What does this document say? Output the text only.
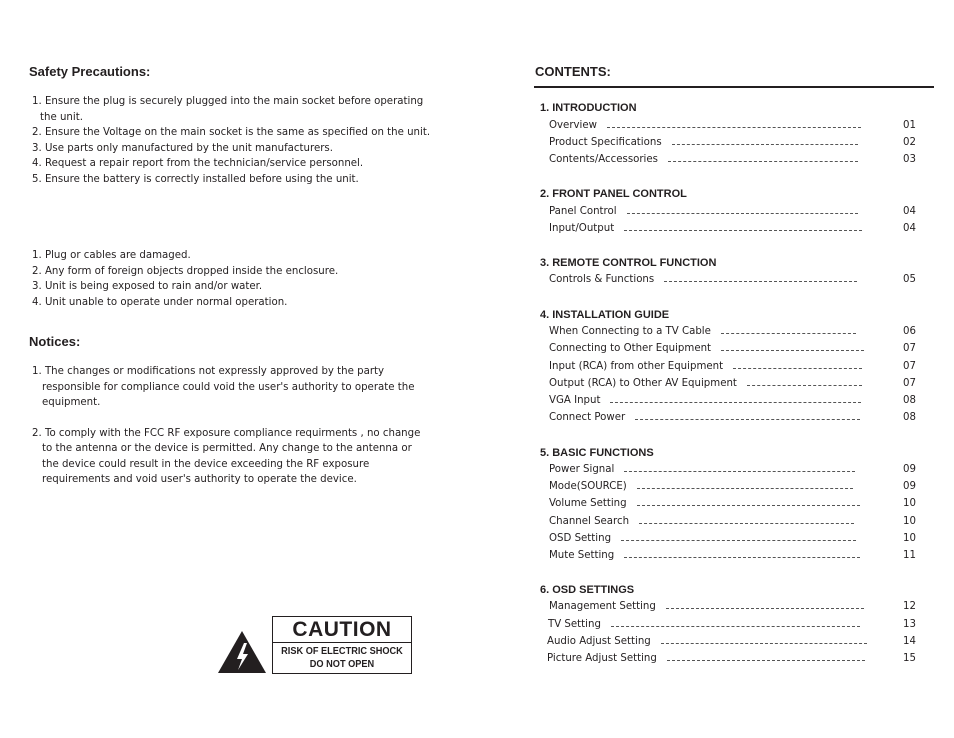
Safety Precautions:
1. Ensure the plug is securely plugged into the main socket before operating
the unit.
2. Ensure the Voltage on the main socket is the same as specified on the unit.
3. Use parts only manufactured by the unit manufacturers.
4. Request a repair report from the technician/service personnel.
5. Ensure the battery is correctly installed before using the unit.
1. Plug or cables are damaged.
2. Any form of foreign objects dropped inside the enclosure.
3. Unit is being exposed to rain and/or water.
4. Unit unable to operate under normal operation.
Notices:
1. The changes or modifications not expressly approved by the party
responsible for compliance could void the user's authority to operate the
equipment.
2. To comply with the FCC RF exposure compliance requirments , no change
to the antenna or the device is permitted. Any change to the antenna or
the device could result in the device exceeding the RF exposure
requirements and void user's authority to operate the device.
CAUTION
RISK OF ELECTRIC SHOCK
DO NOT OPEN
CONTENTS:
1. INTRODUCTION
Overview	01
Product Specifications	02
Contents/Accessories	03
2. FRONT PANEL CONTROL
Panel Control	04
Input/Output	04
3. REMOTE CONTROL FUNCTION
Controls & Functions	05
4. INSTALLATION GUIDE
When Connecting to a TV Cable	06
Connecting to Other Equipment	07
Input (RCA) from other Equipment	07
Output (RCA) to Other AV Equipment	07
VGA Input	08
Connect Power	08
5. BASIC FUNCTIONS
Power Signal	09
Mode(SOURCE)	09
Volume Setting	10
Channel Search	10
OSD Setting	10
Mute Setting	11
6. OSD SETTINGS
Management Setting	12
TV Setting	13
Audio Adjust Setting	14
Picture Adjust Setting	15
